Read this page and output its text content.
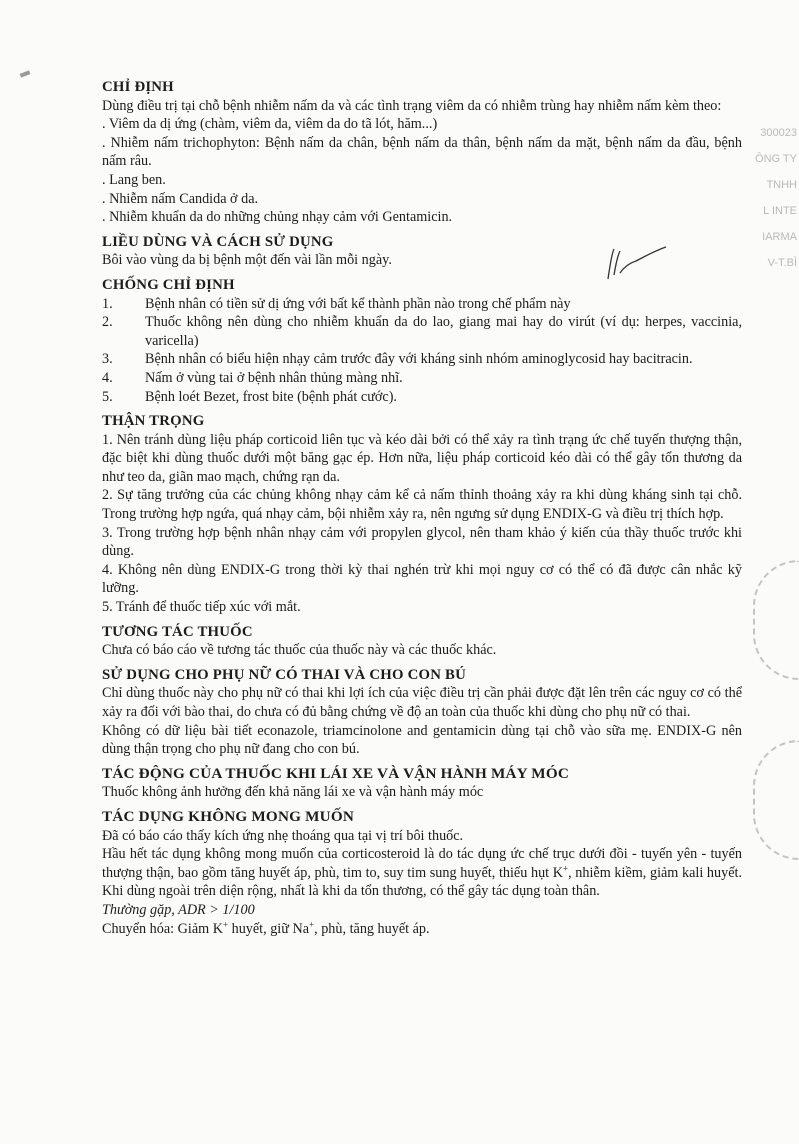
300023
ÔNG TY
TNHH
L INTE
IARMA
V-T.BÌ
CHỈ ĐỊNH
Dùng điều trị tại chỗ bệnh nhiễm nấm da và các tình trạng viêm da có nhiễm trùng hay nhiễm nấm kèm theo:
. Viêm da dị ứng (chàm, viêm da, viêm da do tã lót, hăm...)
. Nhiễm nấm trichophyton: Bệnh nấm da chân, bệnh nấm da thân, bệnh nấm da mặt, bệnh nấm da đầu, bệnh nấm râu.
. Lang ben.
. Nhiễm nấm Candida ở da.
. Nhiễm khuẩn da do những chủng nhạy cảm với Gentamicin.
LIỀU DÙNG VÀ CÁCH SỬ DỤNG
Bôi vào vùng da bị bệnh một đến vài lần mỗi ngày.
CHỐNG CHỈ ĐỊNH
1.	Bệnh nhân có tiền sử dị ứng với bất kể thành phần nào trong chế phẩm này
2.	Thuốc không nên dùng cho nhiễm khuẩn da do lao, giang mai hay do virút (ví dụ: herpes, vaccinia, varicella)
3.	Bệnh nhân có biểu hiện nhạy cảm trước đây với kháng sinh nhóm aminoglycosid hay bacitracin.
4.	Nấm ở vùng tai ở bệnh nhân thủng màng nhĩ.
5.	Bệnh loét Bezet, frost bite (bệnh phát cước).
THẬN TRỌNG
1. Nên tránh dùng liệu pháp corticoid liên tục và kéo dài bởi có thể xảy ra tình trạng ức chế tuyến thượng thận, đặc biệt khi dùng thuốc dưới một băng gạc ép. Hơn nữa, liệu pháp corticoid kéo dài có thể gây tổn thương da như teo da, giãn mao mạch, chứng rạn da.
2. Sự tăng trưởng của các chủng không nhạy cảm kể cả nấm thỉnh thoảng xảy ra khi dùng kháng sinh tại chỗ. Trong trường hợp ngứa, quá nhạy cảm, bội nhiễm xảy ra, nên ngưng sử dụng ENDIX-G và điều trị thích hợp.
3. Trong trường hợp bệnh nhân nhạy cảm với propylen glycol, nên tham khảo ý kiến của thầy thuốc trước khi dùng.
4. Không nên dùng ENDIX-G trong thời kỳ thai nghén trừ khi mọi nguy cơ có thể có đã được cân nhắc kỹ lưỡng.
5. Tránh để thuốc tiếp xúc với mắt.
TƯƠNG TÁC THUỐC
Chưa có báo cáo về tương tác thuốc của thuốc này và các thuốc khác.
SỬ DỤNG CHO PHỤ NỮ CÓ THAI VÀ CHO CON BÚ
Chỉ dùng thuốc này cho phụ nữ có thai khi lợi ích của việc điều trị cần phải được đặt lên trên các nguy cơ có thể xảy ra đối với bào thai, do chưa có đủ bằng chứng về độ an toàn của thuốc khi dùng cho phụ nữ có thai.
Không có dữ liệu bài tiết econazole, triamcinolone and gentamicin dùng tại chỗ vào sữa mẹ. ENDIX-G nên dùng thận trọng cho phụ nữ đang cho con bú.
TÁC ĐỘNG CỦA THUỐC KHI LÁI XE VÀ VẬN HÀNH MÁY MÓC
Thuốc không ảnh hưởng đến khả năng lái xe và vận hành máy móc
TÁC DỤNG KHÔNG MONG MUỐN
Đã có báo cáo thấy kích ứng nhẹ thoáng qua tại vị trí bôi thuốc.
Hầu hết tác dụng không mong muốn của corticosteroid là do tác dụng ức chế trục dưới đồi - tuyến yên - tuyến thượng thận, bao gồm tăng huyết áp, phù, tim to, suy tim sung huyết, thiếu hụt K+, nhiễm kiềm, giảm kali huyết. Khi dùng ngoài trên diện rộng, nhất là khi da tổn thương, có thể gây tác dụng toàn thân.
Thường gặp, ADR > 1/100
Chuyển hóa: Giảm K+ huyết, giữ Na+, phù, tăng huyết áp.
